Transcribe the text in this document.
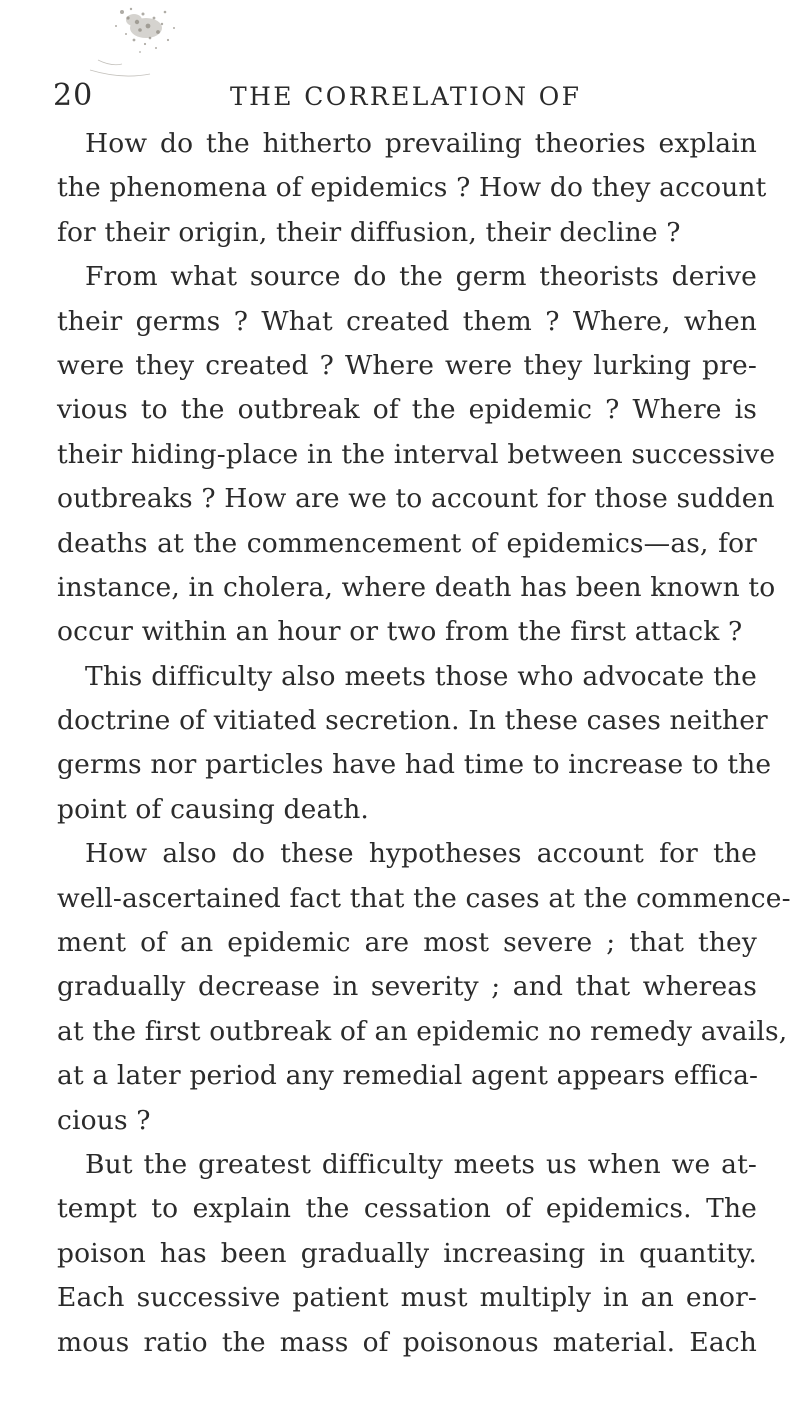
20	THE CORRELATION OF
How do the hitherto prevailing theories explain
the phenomena of epidemics ? How do they account
for their origin, their diffusion, their decline ?
From what source do the germ theorists derive
their germs ? What created them ? Where, when
were they created ? Where were they lurking pre-
vious to the outbreak of the epidemic ? Where is
their hiding-place in the interval between successive
outbreaks ? How are we to account for those sudden
deaths at the commencement of epidemics—as, for
instance, in cholera, where death has been known to
occur within an hour or two from the first attack ?
This difficulty also meets those who advocate the
doctrine of vitiated secretion. In these cases neither
germs nor particles have had time to increase to the
point of causing death.
How also do these hypotheses account for the
well-ascertained fact that the cases at the commence-
ment of an epidemic are most severe ; that they
gradually decrease in severity ; and that whereas
at the first outbreak of an epidemic no remedy avails,
at a later period any remedial agent appears effica-
cious ?
But the greatest difficulty meets us when we at-
tempt to explain the cessation of epidemics. The
poison has been gradually increasing in quantity.
Each successive patient must multiply in an enor-
mous ratio the mass of poisonous material. Each
